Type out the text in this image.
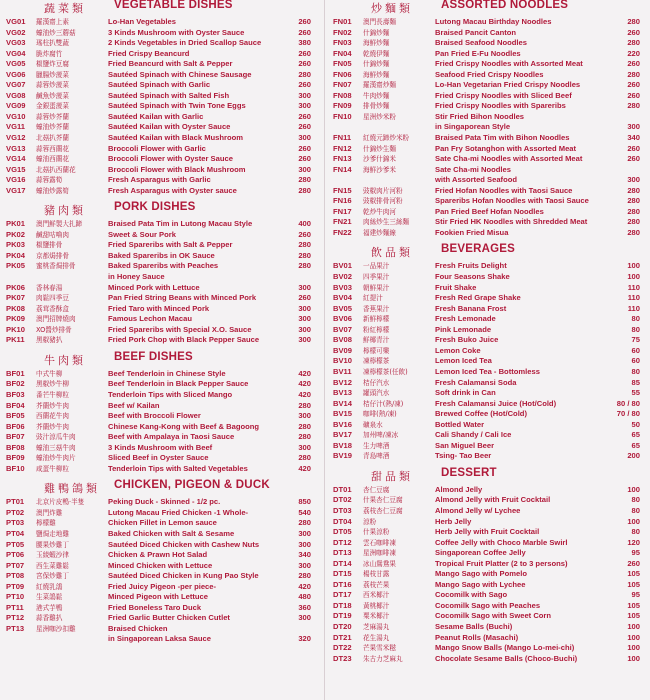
蔬菜類 VEGETABLE DISHES
VG01	羅漢齋上素	Lo-Han Vegetables	260
VG02	蠔油炒三蘑菇	3 Kinds Mushroom with Oyster Sauce	260
VG03	瑤柱扒雙蔬	2 Kinds Vegetables in Dried Scallop Sauce	380
VG04	脆炸腐竹	Fried Crispy Beancurd	260
VG05	椒鹽炸豆腐	Fried Beancurd with Salt & Pepper	260
VG06	臘腸炒菠菜	Sautéed Spinach with Chinese Sausage	280
VG07	蒜蓉炒菠菜	Sautéed Spinach with Garlic	260
VG08	鹹魚炒菠菜	Sautéed Spinach with Salted Fish	300
VG09	金銀蛋菠菜	Sautéed Spinach with Twin Tone Eggs	300
VG10	蒜蓉炒芥蘭	Sautéed Kailan with Garlic	260
VG11	蠔油炒芥蘭	Sautéed Kailan with Oyster Sauce	260
VG12	北菇扒芥蘭	Sautéed Kailan with Black Mushroom	300
VG13	蒜蓉西蘭花	Broccoli Flower with Garlic	260
VG14	蠔油西蘭花	Broccoli Flower with Oyster Sauce	260
VG15	北菇扒西蘭花	Broccoli Flower with Black Mushroom	300
VG16	蒜蓉露筍	Fresh Asparagus with Garlic	280
VG17	蠔油炒露筍	Fresh Asparagus with Oyster sauce	280
豬肉類 PORK DISHES
PK01	澳門鮮製大扎蹄	Braised Pata Tim in Lutong Macau Style	400
PK02	鹹甜咕嚕肉	Sweet & Sour Pork	260
PK03	椒鹽排骨	Fried Spareribs with Salt & Pepper	280
PK04	京都焗排骨	Baked Spareribs in OK Sauce	280
PK05	蜜桃香焗排骨	Baked Spareribs with Peaches	280
in Honey Sauce
PK06	香林春湯	Minced Pork with Lettuce	300
PK07	肉鬆四季豆	Pan Fried String Beans with Minced Pork	260
PK08	荔茸香酥盒	Fried Taro with Minced Pork	300
PK09	澳門招牌燒肉	Famous Lechon Macau	300
PK10	XO醬炒排骨	Fried Spareribs with Special X.O. Sauce	300
PK11	黑椒豬扒	Fried Pork Chop with Black Pepper Sauce	300
牛肉類 BEEF DISHES
BF01	中式牛柳	Beef Tenderloin in Chinese Style	420
BF02	黑椒炒牛柳	Beef Tenderloin in Black Pepper Sauce	420
BF03	番芒牛柳粒	Tenderloin Tips with Sliced Mango	420
BF04	芥蘭炒牛肉	Beef w/ Kailan	280
BF05	西蘭花牛肉	Beef with Broccoli Flower	300
BF06	芥蘭炒牛肉	Chinese Kang-Kong with Beef & Bagoong	280
BF07	豉汁涼瓜牛肉	Beef with Ampalaya in Taosi Sauce	280
BF08	蠔油三菇牛肉	3 Kinds Mushroom with Beef	300
BF09	蠔油炒牛肉片	Sliced Beef in Oyster Sauce	280
BF10	咸蛋牛柳粒	Tenderloin Tips with Salted Vegetables	420
雞鴨鴿類 CHICKEN, PIGEON & DUCK
PT01	北京片皮鴨·半隻	Peking Duck - Skinned - 1/2 pc.	850
PT02	澳門炸雞	Lutong Macau Fried Chicken -1 Whole-	540
PT03	檸檬雞	Chicken Fillet in Lemon sauce	280
PT04	鹽焗走地雞	Baked Chicken with Salt & Sesame	300
PT05	腰果炒雞丁	Sautéed Diced Chicken with Cashew Nuts	300
PT06	玉綾蝦沙律	Chicken & Prawn Hot Salad	340
PT07	西生菜雞鬆	Minced Chicken with Lettuce	300
PT08	宮保炒雞丁	Sautéed Diced Chicken in Kung Pao Style	280
PT09	紅燒乳鴿	Fried Juicy Pigeon -per piece-	420
PT10	生菜鴿鬆	Minced Pigeon with Lettuce	480
PT11	港式芋鴨	Fried Boneless Taro Duck	360
PT12	蒜香雞扒	Fried Garlic Butter Chicken Cutlet	300
PT13	星洲咖沙扣雞	Braised Chicken
in Singaporean Laksa Sauce	320
炒麵類 ASSORTED NOODLES
FN01	澳門長壽麵	Lutong Macau Birthday Noodles	280
FN02	什錦炒麵	Braised Pancit Canton	260
FN03	海鮮炒麵	Braised Seafood Noodles	280
FN04	乾燒伊麵	Pan Fried E-Fu Noodles	220
FN05	什錦炒麵	Fried Crispy Noodles with Assorted Meat	260
FN06	海鮮炒麵	Seafood Fried Crispy Noodles	280
FN07	羅漢齋炒麵	Lo-Han Vegetarian Fried Crispy Noodles	260
FN08	牛肉炒麵	Fried Crispy Noodles with Sliced Beef	260
FN09	排骨炒麵	Fried Crispy Noodles with Spareribs	280
FN10	星洲炒米粉	Stir Fried Bihon Noodles
in Singaporean Style	300
FN11	紅燒元蹄炒米粉	Braised Pata Tim with Bihon Noodles	340
FN12	什錦炒生麵	Pan Fry Sotanghon with Assorted Meat	260
FN13	沙爹什錦米	Sate Cha-mi Noodles with Assorted Meat	260
FN14	海鮮沙爹米	Sate Cha-mi Noodles
with Assorted Seafood	300
FN15	豉椒肉片河粉	Fried Hofan Noodles with Taosi Sauce	280
FN16	豉椒排骨河粉	Spareribs Hofan Noodles with Taosi Sauce	280
FN17	乾炒牛肉河	Pan Fried Beef Hofan Noodles	280
FN21	肉絲炒生三絲麵	Stir Fried HK Noodles with Shredded Meat	280
FN22	福建炒麵線	Fookien Fried Misua	280
飲品類 BEVERAGES
BV01	一品果汁	Fresh Fruits Delight	100
BV02	四季果汁	Four Seasons Shake	100
BV03	朝鮮果汁	Fruit Shake	110
BV04	紅提汁	Fresh Red Grape Shake	110
BV05	香蕉果汁	Fresh Banana Frost	110
BV06	新鮮檸檬	Fresh Lemonade	80
BV07	粉紅檸檬	Pink Lemonade	80
BV08	鮮椰青汁	Fresh Buko Juice	75
BV09	檸檬可樂	Lemon Coke	60
BV10	凍檸檬茶	Lemon Iced Tea	60
BV11	凍檸檬茶(任飲)	Lemon Iced Tea - Bottomless	80
BV12	桔仔汽水	Fresh Calamansi Soda	85
BV13	罐頭汽水	Soft drink in Can	55
BV14	桔仔汁(熱/凍)	Fresh Calamansi Juice (Hot/Cold)	80 / 80
BV15	咖啡(熱/凍)	Brewed Coffee (Hot/Cold)	70 / 80
BV16	礦泉水	Bottled Water	50
BV17	加州啤/凍冰	Cali Shandy / Cali Ice	65
BV18	生力啤酒	San Miguel Beer	65
BV19	青島啤酒	Tsing- Tao Beer	200
甜品類 DESSERT
DT01	杏仁豆腐	Almond Jelly	100
DT02	什果杏仁豆腐	Almond Jelly with Fruit Cocktail	80
DT03	荔枝杏仁豆腐	Almond Jelly w/ Lychee	80
DT04	涼粉	Herb Jelly	100
DT05	什果涼粉	Herb Jelly with Fruit Cocktail	80
DT12	雲石咖啡凍	Coffee Jelly with Choco Marble Swirl	120
DT13	星洲咖啡凍	Singaporean Coffee Jelly	95
DT14	冰山鴛鴦果	Tropical Fruit Platter (2 to 3 persons)	260
DT15	楊枝甘露	Mango Sago with Pomelo	105
DT16	荔枝芒果	Mango Sago with Lychee	105
DT17	西米椰汁	Cocomilk with Sago	95
DT18	黃桃椰汁	Cocomilk Sago with Peaches	105
DT19	粟米椰汁	Cocomilk Sago with Sweet Corn	105
DT20	芝麻湯丸	Sesame Balls (Buchi)	100
DT21	花生湯丸	Peanut Rolls (Masachi)	100
DT22	芒果雪米糍	Mango Snow Balls (Mango Lo-mei-chi)	100
DT23	朱古力芝麻丸	Chocolate Sesame Balls (Choco-Buchi)	100
